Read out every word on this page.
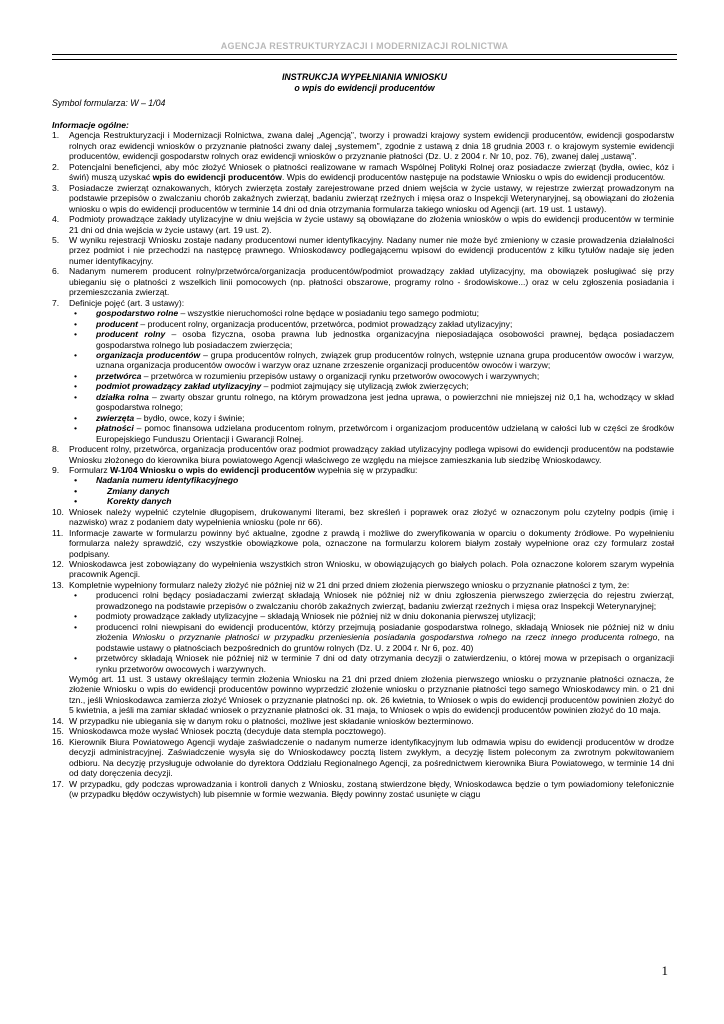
AGENCJA RESTRUKTURYZACJI I MODERNIZACJI ROLNICTWA
INSTRUKCJA WYPEŁNIANIA WNIOSKU
o wpis do ewidencji producentów
Symbol formularza: W – 1/04
Informacje ogólne:
1. Agencja Restrukturyzacji i Modernizacji Rolnictwa, zwana dalej „Agencją", tworzy i prowadzi krajowy system ewidencji producentów, ewidencji gospodarstw rolnych oraz ewidencji wniosków o przyznanie płatności zwany dalej „systemem", zgodnie z ustawą z dnia 18 grudnia 2003 r. o krajowym systemie ewidencji producentów, ewidencji gospodarstw rolnych oraz ewidencji wniosków o przyznanie płatności (Dz. U. z 2004 r. Nr 10, poz. 76), zwanej dalej „ustawą".
2. Potencjalni beneficjenci, aby móc złożyć Wniosek o płatności realizowane w ramach Wspólnej Polityki Rolnej oraz posiadacze zwierząt (bydła, owiec, kóz i świń) muszą uzyskać wpis do ewidencji producentów. Wpis do ewidencji producentów następuje na podstawie Wniosku o wpis do ewidencji producentów.
3. Posiadacze zwierząt oznakowanych, których zwierzęta zostały zarejestrowane przed dniem wejścia w życie ustawy, w rejestrze zwierząt prowadzonym na podstawie przepisów o zwalczaniu chorób zakaźnych zwierząt, badaniu zwierząt rzeźnych i mięsa oraz o Inspekcji Weterynaryjnej, są obowiązani do złożenia wniosku o wpis do ewidencji producentów w terminie 14 dni od dnia otrzymania formularza takiego wniosku od Agencji (art. 19 ust. 1 ustawy).
4. Podmioty prowadzące zakłady utylizacyjne w dniu wejścia w życie ustawy są obowiązane do złożenia wniosków o wpis do ewidencji producentów w terminie 21 dni od dnia wejścia w życie ustawy (art. 19 ust. 2).
5. W wyniku rejestracji Wniosku zostaje nadany producentowi numer identyfikacyjny. Nadany numer nie może być zmieniony w czasie prowadzenia działalności przez podmiot i nie przechodzi na następcę prawnego. Wnioskodawcy podlegającemu wpisowi do ewidencji producentów z kilku tytułów nadaje się jeden numer identyfikacyjny.
6. Nadanym numerem producent rolny/przetwórca/organizacja producentów/podmiot prowadzący zakład utylizacyjny, ma obowiązek posługiwać się przy ubieganiu się o płatności z wszelkich linii pomocowych (np. płatności obszarowe, programy rolno - środowiskowe...) oraz w celu zgłoszenia posiadania i przemieszczania zwierząt.
7. Definicje pojęć (art. 3 ustawy):
• gospodarstwo rolne – wszystkie nieruchomości rolne będące w posiadaniu tego samego podmiotu;
• producent – producent rolny, organizacja producentów, przetwórca, podmiot prowadzący zakład utylizacyjny;
• producent rolny – osoba fizyczna, osoba prawna lub jednostka organizacyjna nieposiadająca osobowości prawnej, będąca posiadaczem gospodarstwa rolnego lub posiadaczem zwierzęcia;
• organizacja producentów – grupa producentów rolnych, związek grup producentów rolnych, wstępnie uznana grupa producentów owoców i warzyw, uznana organizacja producentów owoców i warzyw oraz uznane zrzeszenie organizacji producentów owoców i warzyw;
• przetwórca – przetwórca w rozumieniu przepisów ustawy o organizacji rynku przetworów owocowych i warzywnych;
• podmiot prowadzący zakład utylizacyjny – podmiot zajmujący się utylizacją zwłok zwierzęcych;
• działka rolna – zwarty obszar gruntu rolnego, na którym prowadzona jest jedna uprawa, o powierzchni nie mniejszej niż 0,1 ha, wchodzący w skład gospodarstwa rolnego;
• zwierzęta – bydło, owce, kozy i świnie;
• płatności – pomoc finansowa udzielana producentom rolnym, przetwórcom i organizacjom producentów udzielaną w całości lub w części ze środków Europejskiego Funduszu Orientacji i Gwarancji Rolnej.
8. Producent rolny, przetwórca, organizacja producentów oraz podmiot prowadzący zakład utylizacyjny podlega wpisowi do ewidencji producentów na podstawie Wniosku złożonego do kierownika biura powiatowego Agencji właściwego ze względu na miejsce zamieszkania lub siedzibę Wnioskodawcy.
9. Formularz W-1/04 Wniosku o wpis do ewidencji producentów wypełnia się w przypadku:
• Nadania numeru identyfikacyjnego
• Zmiany danych
• Korekty danych
10. Wniosek należy wypełnić czytelnie długopisem, drukowanymi literami, bez skreśleń i poprawek oraz złożyć w oznaczonym polu czytelny podpis (imię i nazwisko) wraz z podaniem daty wypełnienia wniosku (pole nr 66).
11. Informacje zawarte w formularzu powinny być aktualne, zgodne z prawdą i możliwe do zweryfikowania w oparciu o dokumenty źródłowe. Po wypełnieniu formularza należy sprawdzić, czy wszystkie obowiązkowe pola, oznaczone na formularzu kolorem białym zostały wypełnione oraz czy formularz został podpisany.
12. Wnioskodawca jest zobowiązany do wypełnienia wszystkich stron Wniosku, w obowiązujących go białych polach. Pola oznaczone kolorem szarym wypełnia pracownik Agencji.
13. Kompletnie wypełniony formularz należy złożyć nie później niż w 21 dni przed dniem złożenia pierwszego wniosku o przyznanie płatności z tym, że:
• producenci rolni będący posiadaczami zwierząt składają Wniosek nie później niż w dniu zgłoszenia pierwszego zwierzęcia do rejestru zwierząt, prowadzonego na podstawie przepisów o zwalczaniu chorób zakaźnych zwierząt, badaniu zwierząt rzeźnych i mięsa oraz Inspekcji Weterynaryjnej;
• podmioty prowadzące zakłady utylizacyjne – składają Wniosek nie później niż w dniu dokonania pierwszej utylizacji;
• producenci rolni niewpisani do ewidencji producentów, którzy przejmują posiadanie gospodarstwa rolnego, składają Wniosek nie później niż w dniu złożenia Wniosku o przyznanie płatności w przypadku przeniesienia posiadania gospodarstwa rolnego na rzecz innego producenta rolnego, na podstawie ustawy o płatnościach bezpośrednich do gruntów rolnych (Dz. U. z 2004 r. Nr 6, poz. 40)
• przetwórcy składają Wniosek nie później niż w terminie 7 dni od daty otrzymania decyzji o zatwierdzeniu, o której mowa w przepisach o organizacji rynku przetworów owocowych i warzywnych.
Wymóg art. 11 ust. 3 ustawy określający termin złożenia Wniosku na 21 dni przed dniem złożenia pierwszego wniosku o przyznanie płatności oznacza, że złożenie Wniosku o wpis do ewidencji producentów powinno wyprzedzić złożenie wniosku o przyznanie płatności tego samego Wnioskodawcy min. o 21 dni tzn., jeśli Wnioskodawca zamierza złożyć Wniosek o przyznanie płatności np. ok. 26 kwietnia, to Wniosek o wpis do ewidencji producentów powinien złożyć do 5 kwietnia, a jeśli ma zamiar składać wniosek o przyznanie płatności ok. 31 maja, to Wniosek o wpis do ewidencji producentów powinien złożyć do 10 maja.
14. W przypadku nie ubiegania się w danym roku o płatności, możliwe jest składanie wniosków bezterminowo.
15. Wnioskodawca może wysłać Wniosek pocztą (decyduje data stempla pocztowego).
16. Kierownik Biura Powiatowego Agencji wydaje zaświadczenie o nadanym numerze identyfikacyjnym lub odmawia wpisu do ewidencji producentów w drodze decyzji administracyjnej. Zaświadczenie wysyła się do Wnioskodawcy pocztą listem zwykłym, a decyzję listem poleconym za zwrotnym pokwitowaniem odbioru. Na decyzję przysługuje odwołanie do dyrektora Oddziału Regionalnego Agencji, za pośrednictwem kierownika Biura Powiatowego, w terminie 14 dni od daty doręczenia decyzji.
17. W przypadku, gdy podczas wprowadzania i kontroli danych z Wniosku, zostaną stwierdzone błędy, Wnioskodawca będzie o tym powiadomiony telefonicznie (w przypadku błędów oczywistych) lub pisemnie w formie wezwania. Błędy powinny zostać usunięte w ciągu
1
